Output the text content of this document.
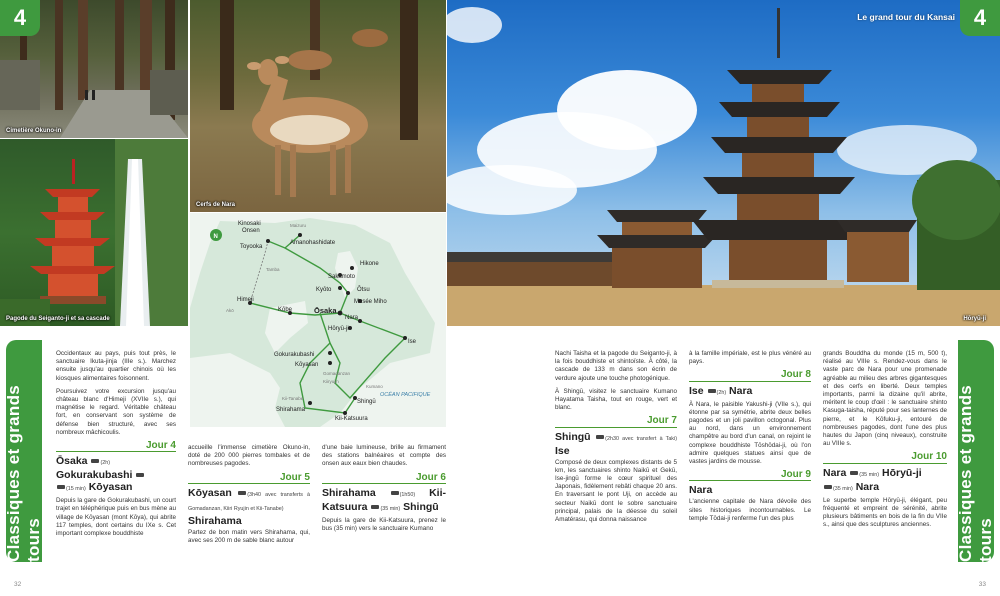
Cimetière Okuno-in
Pagode du Seiganto-ji et sa cascade
Cerfs de Nara
N
Kinosaki
Onsen
Toyooka
Amanohashidate
Tamba
Maizuru
Sakamoto
Hikone
Kyōto	Ōtsu
Musée Miho
Himeji
Kōbe	Ōsaka
Nara
Hōryū-ji
Akō
Ise
Gokurakubashi
Kōyasan
Gomadanzan
Kiiryujin
Kumano
OCÉAN PACIFIQUE
Kii-Tanabe
Shirahama
Shingū
Kii-Katsuura
Hōryū-ji
4	4
Le grand tour du Kansai
Classiques et grands tours	Classiques et grands tours

Occidentaux au pays, puis tout près, le sanctuaire Ikuta-jinja (IIIe s.). Marchez ensuite jusqu'au quartier chinois où les kiosques alimentaires foisonnent.

Poursuivez votre excursion jusqu'au château blanc d'Himeji (XVIIe s.), qui magnétise le regard. Véritable château fort, en conservant son système de défense bien structuré, avec ses nombreux mâchicoulis.

Jour 4
Ōsaka (2h)
Gokurakubashi
(15 min) Kōyasan

Depuis la gare de Gokurakubashi, un court trajet en téléphérique puis en bus mène au village de Kōyasan (mont Kōya), qui abrite 117 temples, dont certains du IXe s. Cet important complexe bouddhiste

accueille l'immense cimetière Okuno-in, doté de 200 000 pierres tombales et de nombreuses pagodes.

Jour 5
Kōyasan	(3h40 avec transferts à Gomadanzan, Kiiri Ryujin et Kii-Tanabe)
Shirahama

Partez de bon matin vers Shirahama, qui, avec ses 200 m de sable blanc autour

d'une baie lumineuse, brille au firmament des stations balnéaires et compte des onsen aux eaux bien chaudes.

Jour 6
Shirahama	(1h50) Kii-Katsuura (35 min) Shingū

Depuis la gare de Kii-Katsuura, prenez le bus (35 min) vers le sanctuaire Kumano

Nachi Taisha et la pagode du Seiganto-ji, à la fois bouddhiste et shintoïste. À côté, la cascade de 133 m dans son écrin de verdure ajoute une touche photogénique.

À Shingū, visitez le sanctuaire Kumano Hayatama Taisha, tout en rouge, vert et blanc.

Jour 7
Shingū	(2h30 avec transfert à Taki) Ise

Composé de deux complexes distants de 5 km, les sanctuaires shinto Naikū et Gekū, Ise-jingū forme le cœur spirituel des Japonais, fidèlement rebâti chaque 20 ans. En traversant le pont Uji, on accède au secteur Naikū dont le sobre sanctuaire principal, palais de la déesse du soleil Amatérasu, qui donna naissance

à la famille impériale, est le plus vénéré au pays.

Jour 8
Ise (2h) Nara

À Nara, le paisible Yakushi-ji (VIIe s.), qui étonne par sa symétrie, abrite deux belles pagodes et un joli pavillon octogonal. Plus au nord, dans un environnement champêtre au bord d'un canal, on rejoint le complexe bouddhiste Tōshōdai-ji, où l'on admire quelques statues ainsi que de vastes jardins de mousse.

Jour 9
Nara

L'ancienne capitale de Nara dévoile des sites historiques incontournables. Le temple Tōdai-ji renferme l'un des plus

grands Bouddha du monde (15 m, 500 t), réalisé au VIIIe s. Rendez-vous dans le vaste parc de Nara pour une promenade agréable au milieu des arbres gigantesques et des cerfs en liberté. Deux temples importants, parmi la dizaine qu'il abrite, méritent le coup d'œil : le sanctuaire shinto Kasuga-taisha, réputé pour ses lanternes de pierre, et le Kōfuku-ji, entouré de nombreuses pagodes, dont l'une des plus hautes du Japon (cinq niveaux), construite au VIIIe s.

Jour 10
Nara (35 min) Hōryū-ji
(35 min) Nara

Le superbe temple Hōryū-ji, élégant, peu fréquenté et empreint de sérénité, abrite plusieurs bâtiments en bois de la fin du VIIe s., ainsi que des sculptures anciennes.

32	33
